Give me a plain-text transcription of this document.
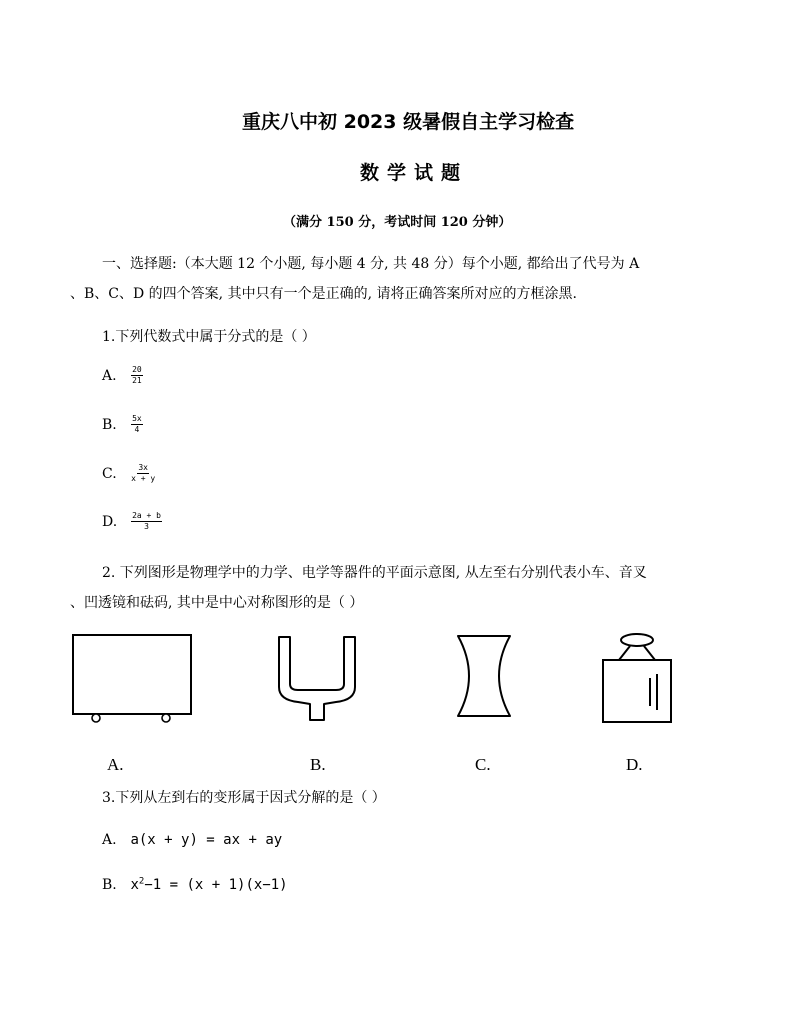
重庆八中初 2023 级暑假自主学习检查
数学试题
（满分 150 分，考试时间 120 分钟）
一、选择题:（本大题 12 个小题, 每小题 4 分, 共 48 分）每个小题, 都给出了代号为 A
、B、C、D 的四个答案, 其中只有一个是正确的, 请将正确答案所对应的方框涂黑.
1.下列代数式中属于分式的是（ ）
A. $\frac{20}{21}$
B. $\frac{5x}{4}$
C. $\frac{3x}{x + y}$
D. $\frac{2a + b}{3}$
2. 下列图形是物理学中的力学、电学等器件的平面示意图, 从左至右分别代表小车、音叉
、凹透镜和砝码, 其中是中心对称图形的是（ ）
A.	B.	C.	D.
3.下列从左到右的变形属于因式分解的是（ ）
A. a(x + y) = ax + ay
B. $x^2-1 = (x + 1)(x-1)$
